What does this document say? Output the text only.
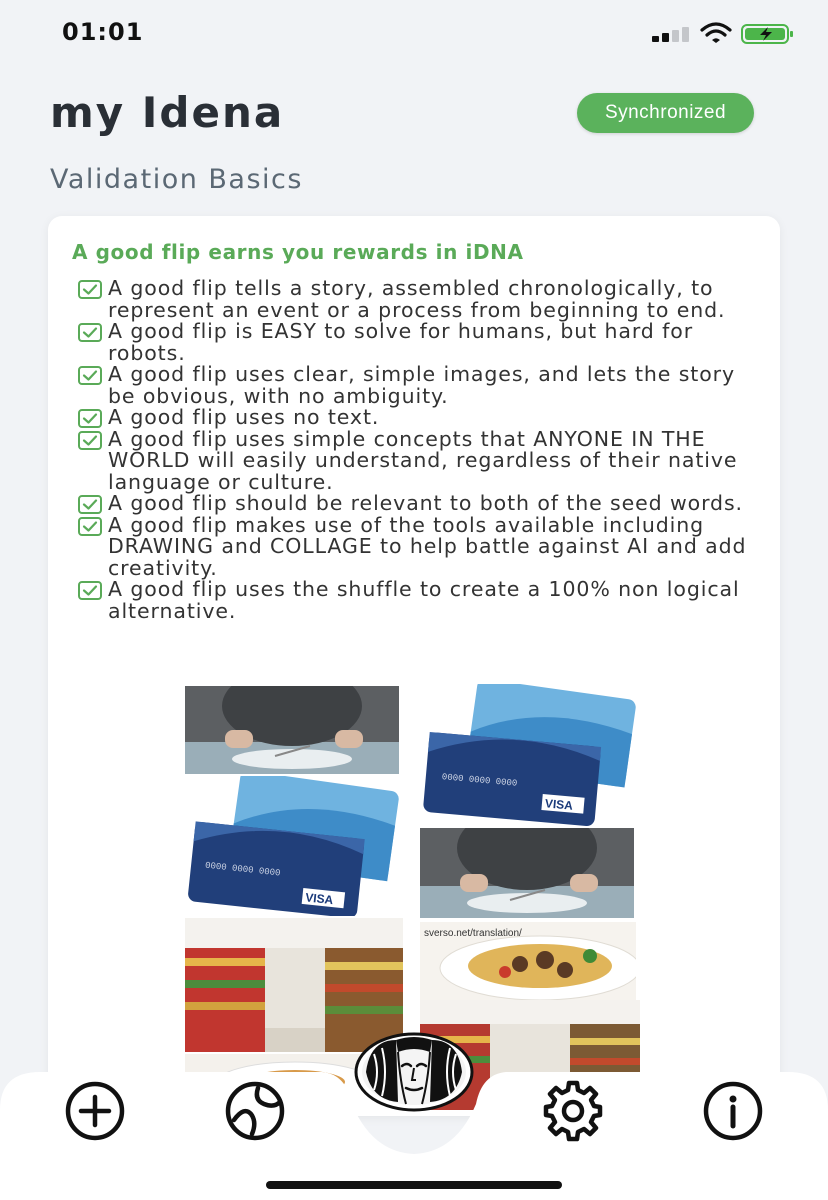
01:01
my Idena	Synchronized
Validation Basics
A good flip earns you rewards in iDNA
A good flip tells a story, assembled chronologically, to represent an event or a process from beginning to end.
A good flip is EASY to solve for humans, but hard for robots.
A good flip uses clear, simple images, and lets the story be obvious, with no ambiguity.
A good flip uses no text.
A good flip uses simple concepts that ANYONE IN THE WORLD will easily understand, regardless of their native language or culture.
A good flip should be relevant to both of the seed words.
A good flip makes use of the tools available including DRAWING and COLLAGE to help battle against AI and add creativity.
A good flip uses the shuffle to create a 100% non logical alternative.
VISA
0000 0000 0000
VISA
0000 0000 0000
sverso.net/translation/
